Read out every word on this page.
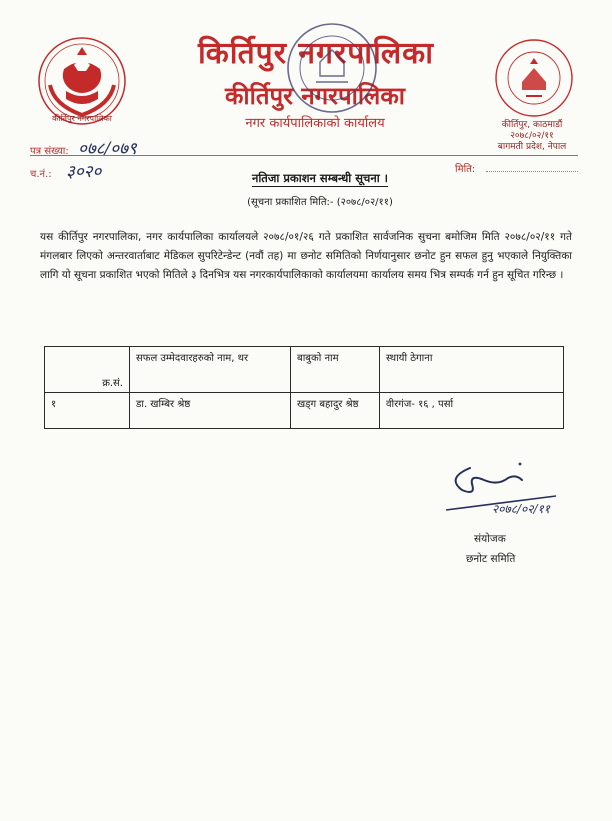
कीर्तिपुर नगरपालिका
किर्तिपुर नगरपालिका
कीर्तिपुर नगरपालिका
नगर कार्यपालिकाको कार्यालय	कीर्तिपुर, काठमाडौं
२०७८/०२/११
बागमती प्रदेश, नेपाल
पत्र संख्या: ०७८/०७९
च.नं.: ३०२०	मिति:
नतिजा प्रकाशन सम्बन्धी सूचना ।
(सूचना प्रकाशित मिति:- (२०७८/०२/११)
यस कीर्तिपुर नगरपालिका, नगर कार्यपालिका कार्यालयले २०७८/०१/२६ गते प्रकाशित सार्वजनिक सुचना बमोजिम मिति २०७८/०२/११ गते मंगलबार लिएको अन्तरवार्ताबाट मेडिकल सुपरिटेन्डेन्ट (नवौं तह) मा छनोट समितिको निर्णयानुसार छनोट हुन सफल हुनु भएकाले नियुक्तिका लागि यो सूचना प्रकाशित भएको मितिले ३ दिनभित्र यस नगरकार्यपालिकाको कार्यालयमा कार्यालय समय भित्र सम्पर्क गर्न हुन सूचित गरिन्छ ।
क्र.सं.	सफल उम्मेदवारहरुको नाम, थर	बाबुको नाम	स्थायी ठेगाना
१	डा. खम्बिर श्रेष्ठ	खड्ग बहादुर श्रेष्ठ	वीरगंज- १६ , पर्सा
२०७८/०२/११
संयोजक
छनोट समिति
